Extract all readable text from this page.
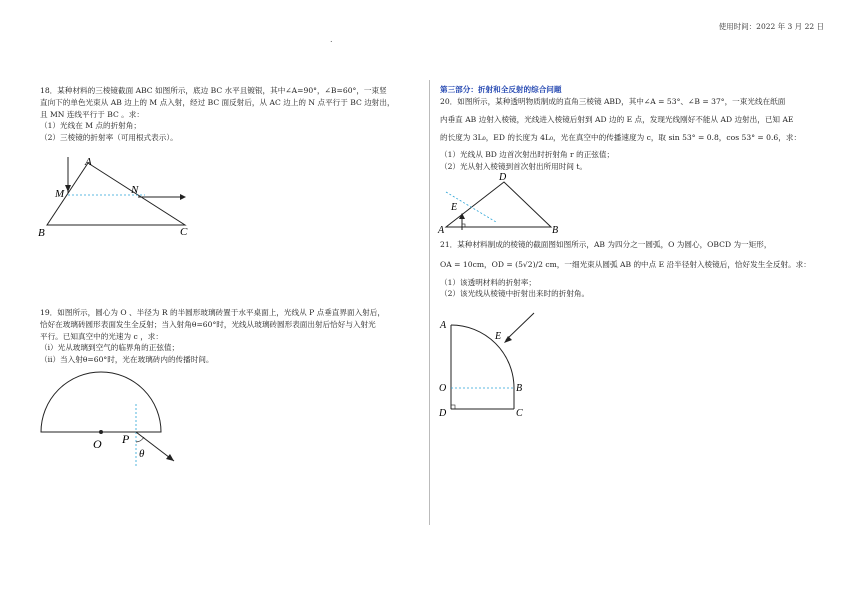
使用时间：2022 年 3 月 22 日
.

18．某种材料的三棱镜截面 ABC 如图所示，底边 BC 水平且镀银，其中∠A=90°，∠B=60°，一束竖

直向下的单色光束从 AB 边上的 M 点入射，经过 BC 面反射后，从 AC 边上的 N 点平行于 BC 边射出，

且 MN 连线平行于 BC 。求：

（1）光线在 M 点的折射角；

（2）三棱镜的折射率（可用根式表示）。

A
M	N
B	C

19．如图所示，圆心为 O 、半径为 R 的半圆形玻璃砖置于水平桌面上，光线从 P 点垂直界面入射后，

恰好在玻璃砖圆形表面发生全反射；当入射角θ=60°时，光线从玻璃砖圆形表面出射后恰好与入射光

平行。已知真空中的光速为 c ，求：

（i）光从玻璃到空气的临界角的正弦值；

（ii）当入射θ=60°时，光在玻璃砖内的传播时间。

O P
θ
第三部分：折射和全反射的综合问题

20．如图所示，某种透明物质制成的直角三棱镜 ABD，其中∠A = 53°、∠B = 37°，一束光线在纸面

内垂直 AB 边射入棱镜，光线进入棱镜后射到 AD 边的 E 点，发现光线刚好不能从 AD 边射出，已知 AE

的长度为 3L₀，ED 的长度为 4L₀，光在真空中的传播速度为 c，取 sin 53° = 0.8，cos 53° = 0.6，求：

（1）光线从 BD 边首次射出时折射角 r 的正弦值；

（2）光从射入棱镜到首次射出所用时间 t。

D
E
A	B

21．某种材料制成的棱镜的截面图如图所示，AB 为四分之一圆弧，O 为圆心，OBCD 为一矩形，

OA = 10cm，OD = (5√2)/2 cm，一细光束从圆弧 AB 的中点 E 沿半径射入棱镜后，恰好发生全反射。求：

（1）该透明材料的折射率；

（2）该光线从棱镜中折射出来时的折射角。

A
E
O	B
D	C
